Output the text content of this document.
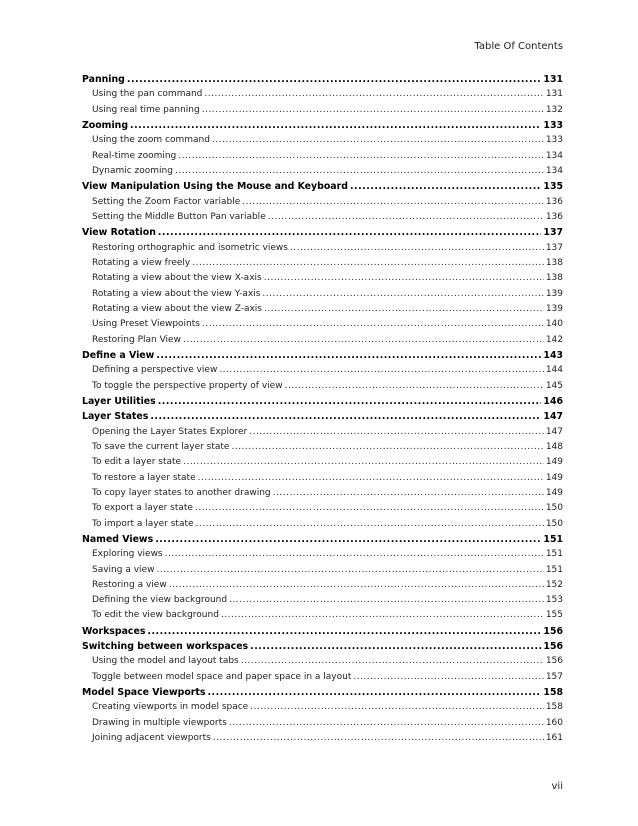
Table Of Contents
Panning .....	131
Using the pan command .....	131
Using real time panning .....	132
Zooming .....	133
Using the zoom command .....	133
Real-time zooming .....	134
Dynamic zooming .....	134
View Manipulation Using the Mouse and Keyboard .....	135
Setting the Zoom Factor variable .....	136
Setting the Middle Button Pan variable .....	136
View Rotation .....	137
Restoring orthographic and isometric views .....	137
Rotating a view freely .....	138
Rotating a view about the view X-axis .....	138
Rotating a view about the view Y-axis .....	139
Rotating a view about the view Z-axis .....	139
Using Preset Viewpoints .....	140
Restoring Plan View .....	142
Define a View .....	143
Defining a perspective view .....	144
To toggle the perspective property of view .....	145
Layer Utilities .....	146
Layer States .....	147
Opening the Layer States Explorer .....	147
To save the current layer state .....	148
To edit a layer state .....	149
To restore a layer state .....	149
To copy layer states to another drawing .....	149
To export a layer state .....	150
To import a layer state .....	150
Named Views .....	151
Exploring views .....	151
Saving a view .....	151
Restoring a view .....	152
Defining the view background .....	153
To edit the view background .....	155
Workspaces .....	156
Switching between workspaces .....	156
Using the model and layout tabs .....	156
Toggle between model space and paper space in a layout .....	157
Model Space Viewports .....	158
Creating viewports in model space .....	158
Drawing in multiple viewports .....	160
Joining adjacent viewports .....	161
vii
